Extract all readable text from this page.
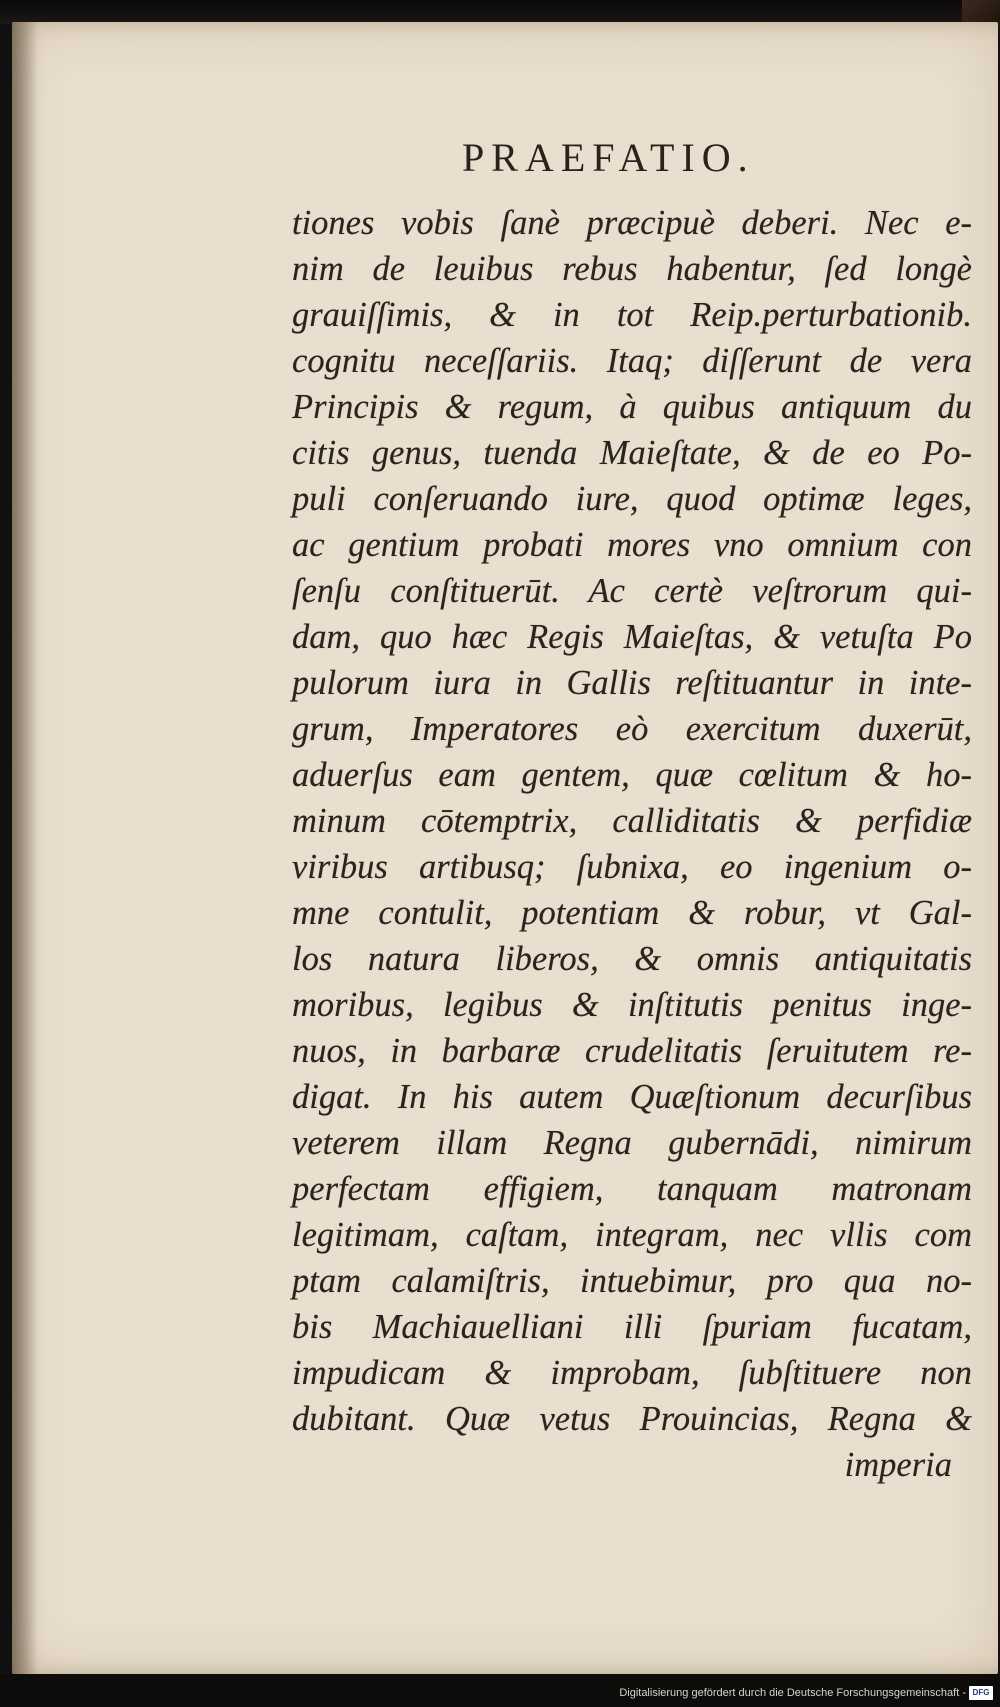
PRAEFATIO.
tiones vobis ſanè præcipuè deberi. Nec e-
nim de leuibus rebus habentur, ſed longè
grauiſſimis, & in tot Reip.perturbationib.
cognitu neceſſariis. Itaq; diſſerunt de vera
Principis & regum, à quibus antiquum du
citis genus, tuenda Maieſtate, & de eo Po-
puli conſeruando iure, quod optimæ leges,
ac gentium probati mores vno omnium con
ſenſu conſtituerūt. Ac certè veſtrorum qui-
dam, quo hæc Regis Maieſtas, & vetuſta Po
pulorum iura in Gallis reſtituantur in inte-
grum, Imperatores eò exercitum duxerūt,
aduerſus eam gentem, quæ cœlitum & ho-
minum cōtemptrix, calliditatis & perfidiæ
viribus artibusq; ſubnixa, eo ingenium o-
mne contulit, potentiam & robur, vt Gal-
los natura liberos, & omnis antiquitatis
moribus, legibus & inſtitutis penitus inge-
nuos, in barbaræ crudelitatis ſeruitutem re-
digat. In his autem Quæſtionum decurſibus
veterem illam Regna gubernādi, nimirum
perfectam effigiem, tanquam matronam
legitimam, caſtam, integram, nec vllis com
ptam calamiſtris, intuebimur, pro qua no-
bis Machiauelliani illi ſpuriam fucatam,
impudicam & improbam, ſubſtituere non
dubitant. Quæ vetus Prouincias, Regna &
imperia
Digitalisierung gefördert durch die Deutsche Forschungsgemeinschaft - DFG
